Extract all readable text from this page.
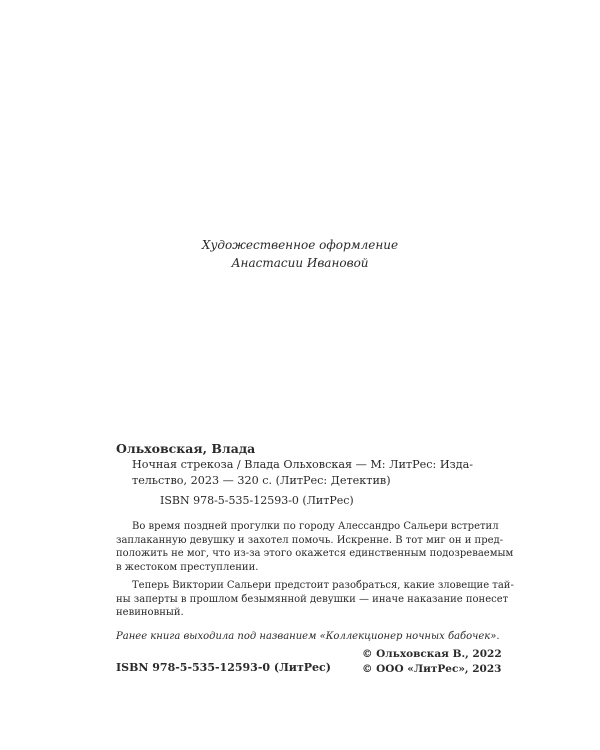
Художественное оформление
Анастасии Ивановой
Ольховская, Влада
Ночная стрекоза / Влада Ольховская — М: ЛитРес: Изда-
тельство, 2023 — 320 с. (ЛитРес: Детектив)
ISBN 978-5-535-12593-0 (ЛитРес)
Во время поздней прогулки по городу Алессандро Сальери встретил
заплаканную девушку и захотел помочь. Искренне. В тот миг он и пред-
положить не мог, что из-за этого окажется единственным подозреваемым
в жестоком преступлении.
Теперь Виктории Сальери предстоит разобраться, какие зловещие тай-
ны заперты в прошлом безымянной девушки — иначе наказание понесет
невиновный.
Ранее книга выходила под названием «Коллекционер ночных бабочек».
ISBN 978-5-535-12593-0 (ЛитРес)
© Ольховская В., 2022
© ООО «ЛитРес», 2023
